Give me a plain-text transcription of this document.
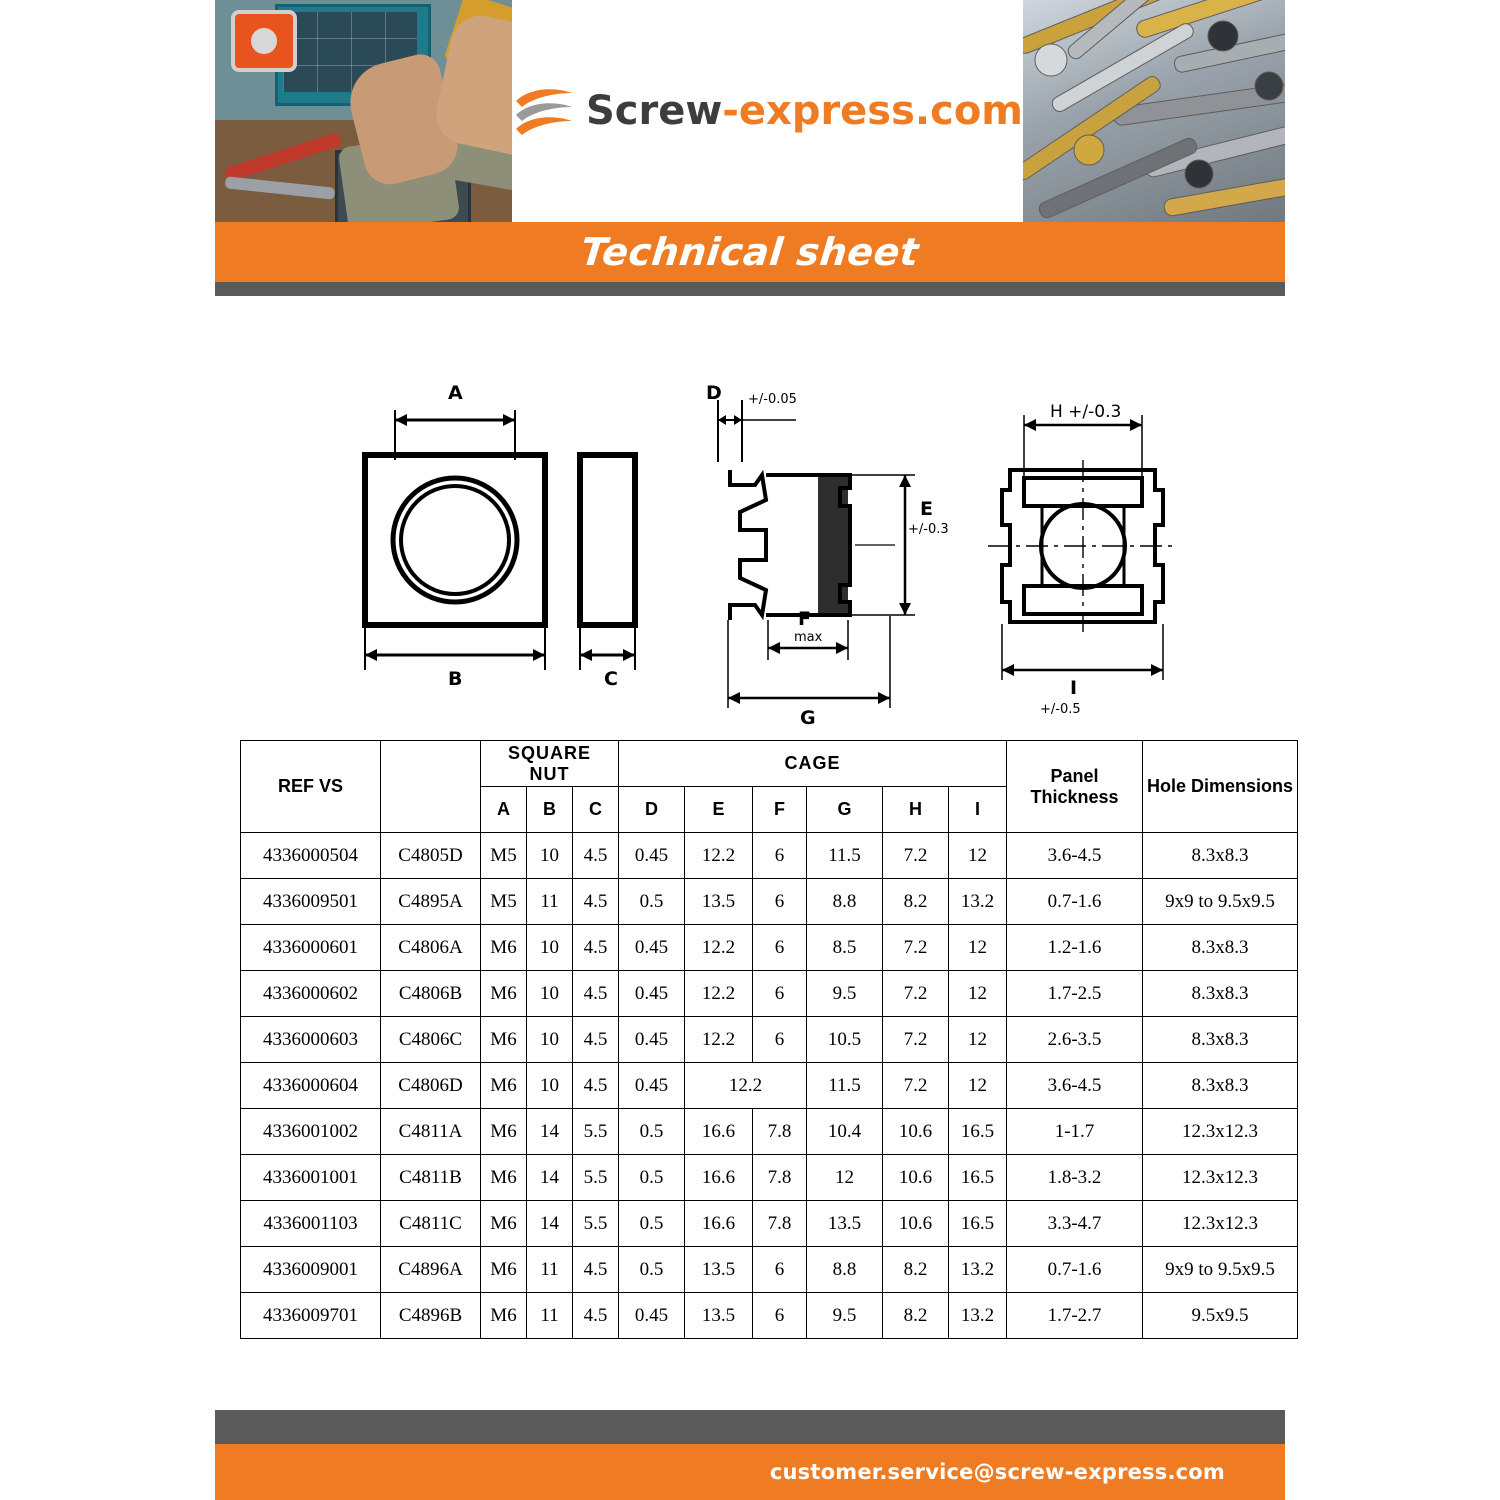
Screw-express.com
Technical sheet
A
B	C
D +/-0.05
E
+/-0.3
F
max
G
H +/-0.3
I
+/-0.5
REF VS		SQUARE
NUT			CAGE						Panel
Thickness	Hole Dimensions
		A	B	C	D	E	F	G	H	I		
4336000504	C4805D	M5	10	4.5	0.45	12.2	6	11.5	7.2	12	3.6-4.5	8.3x8.3
4336009501	C4895A	M5	11	4.5	0.5	13.5	6	8.8	8.2	13.2	0.7-1.6	9x9 to 9.5x9.5
4336000601	C4806A	M6	10	4.5	0.45	12.2	6	8.5	7.2	12	1.2-1.6	8.3x8.3
4336000602	C4806B	M6	10	4.5	0.45	12.2	6	9.5	7.2	12	1.7-2.5	8.3x8.3
4336000603	C4806C	M6	10	4.5	0.45	12.2	6	10.5	7.2	12	2.6-3.5	8.3x8.3
4336000604	C4806D	M6	10	4.5	0.45	12.2		11.5	7.2	12	3.6-4.5	8.3x8.3
4336001002	C4811A	M6	14	5.5	0.5	16.6	7.8	10.4	10.6	16.5	1-1.7	12.3x12.3
4336001001	C4811B	M6	14	5.5	0.5	16.6	7.8	12	10.6	16.5	1.8-3.2	12.3x12.3
4336001103	C4811C	M6	14	5.5	0.5	16.6	7.8	13.5	10.6	16.5	3.3-4.7	12.3x12.3
4336009001	C4896A	M6	11	4.5	0.5	13.5	6	8.8	8.2	13.2	0.7-1.6	9x9 to 9.5x9.5
4336009701	C4896B	M6	11	4.5	0.45	13.5	6	9.5	8.2	13.2	1.7-2.7	9.5x9.5
customer.service@screw-express.com
